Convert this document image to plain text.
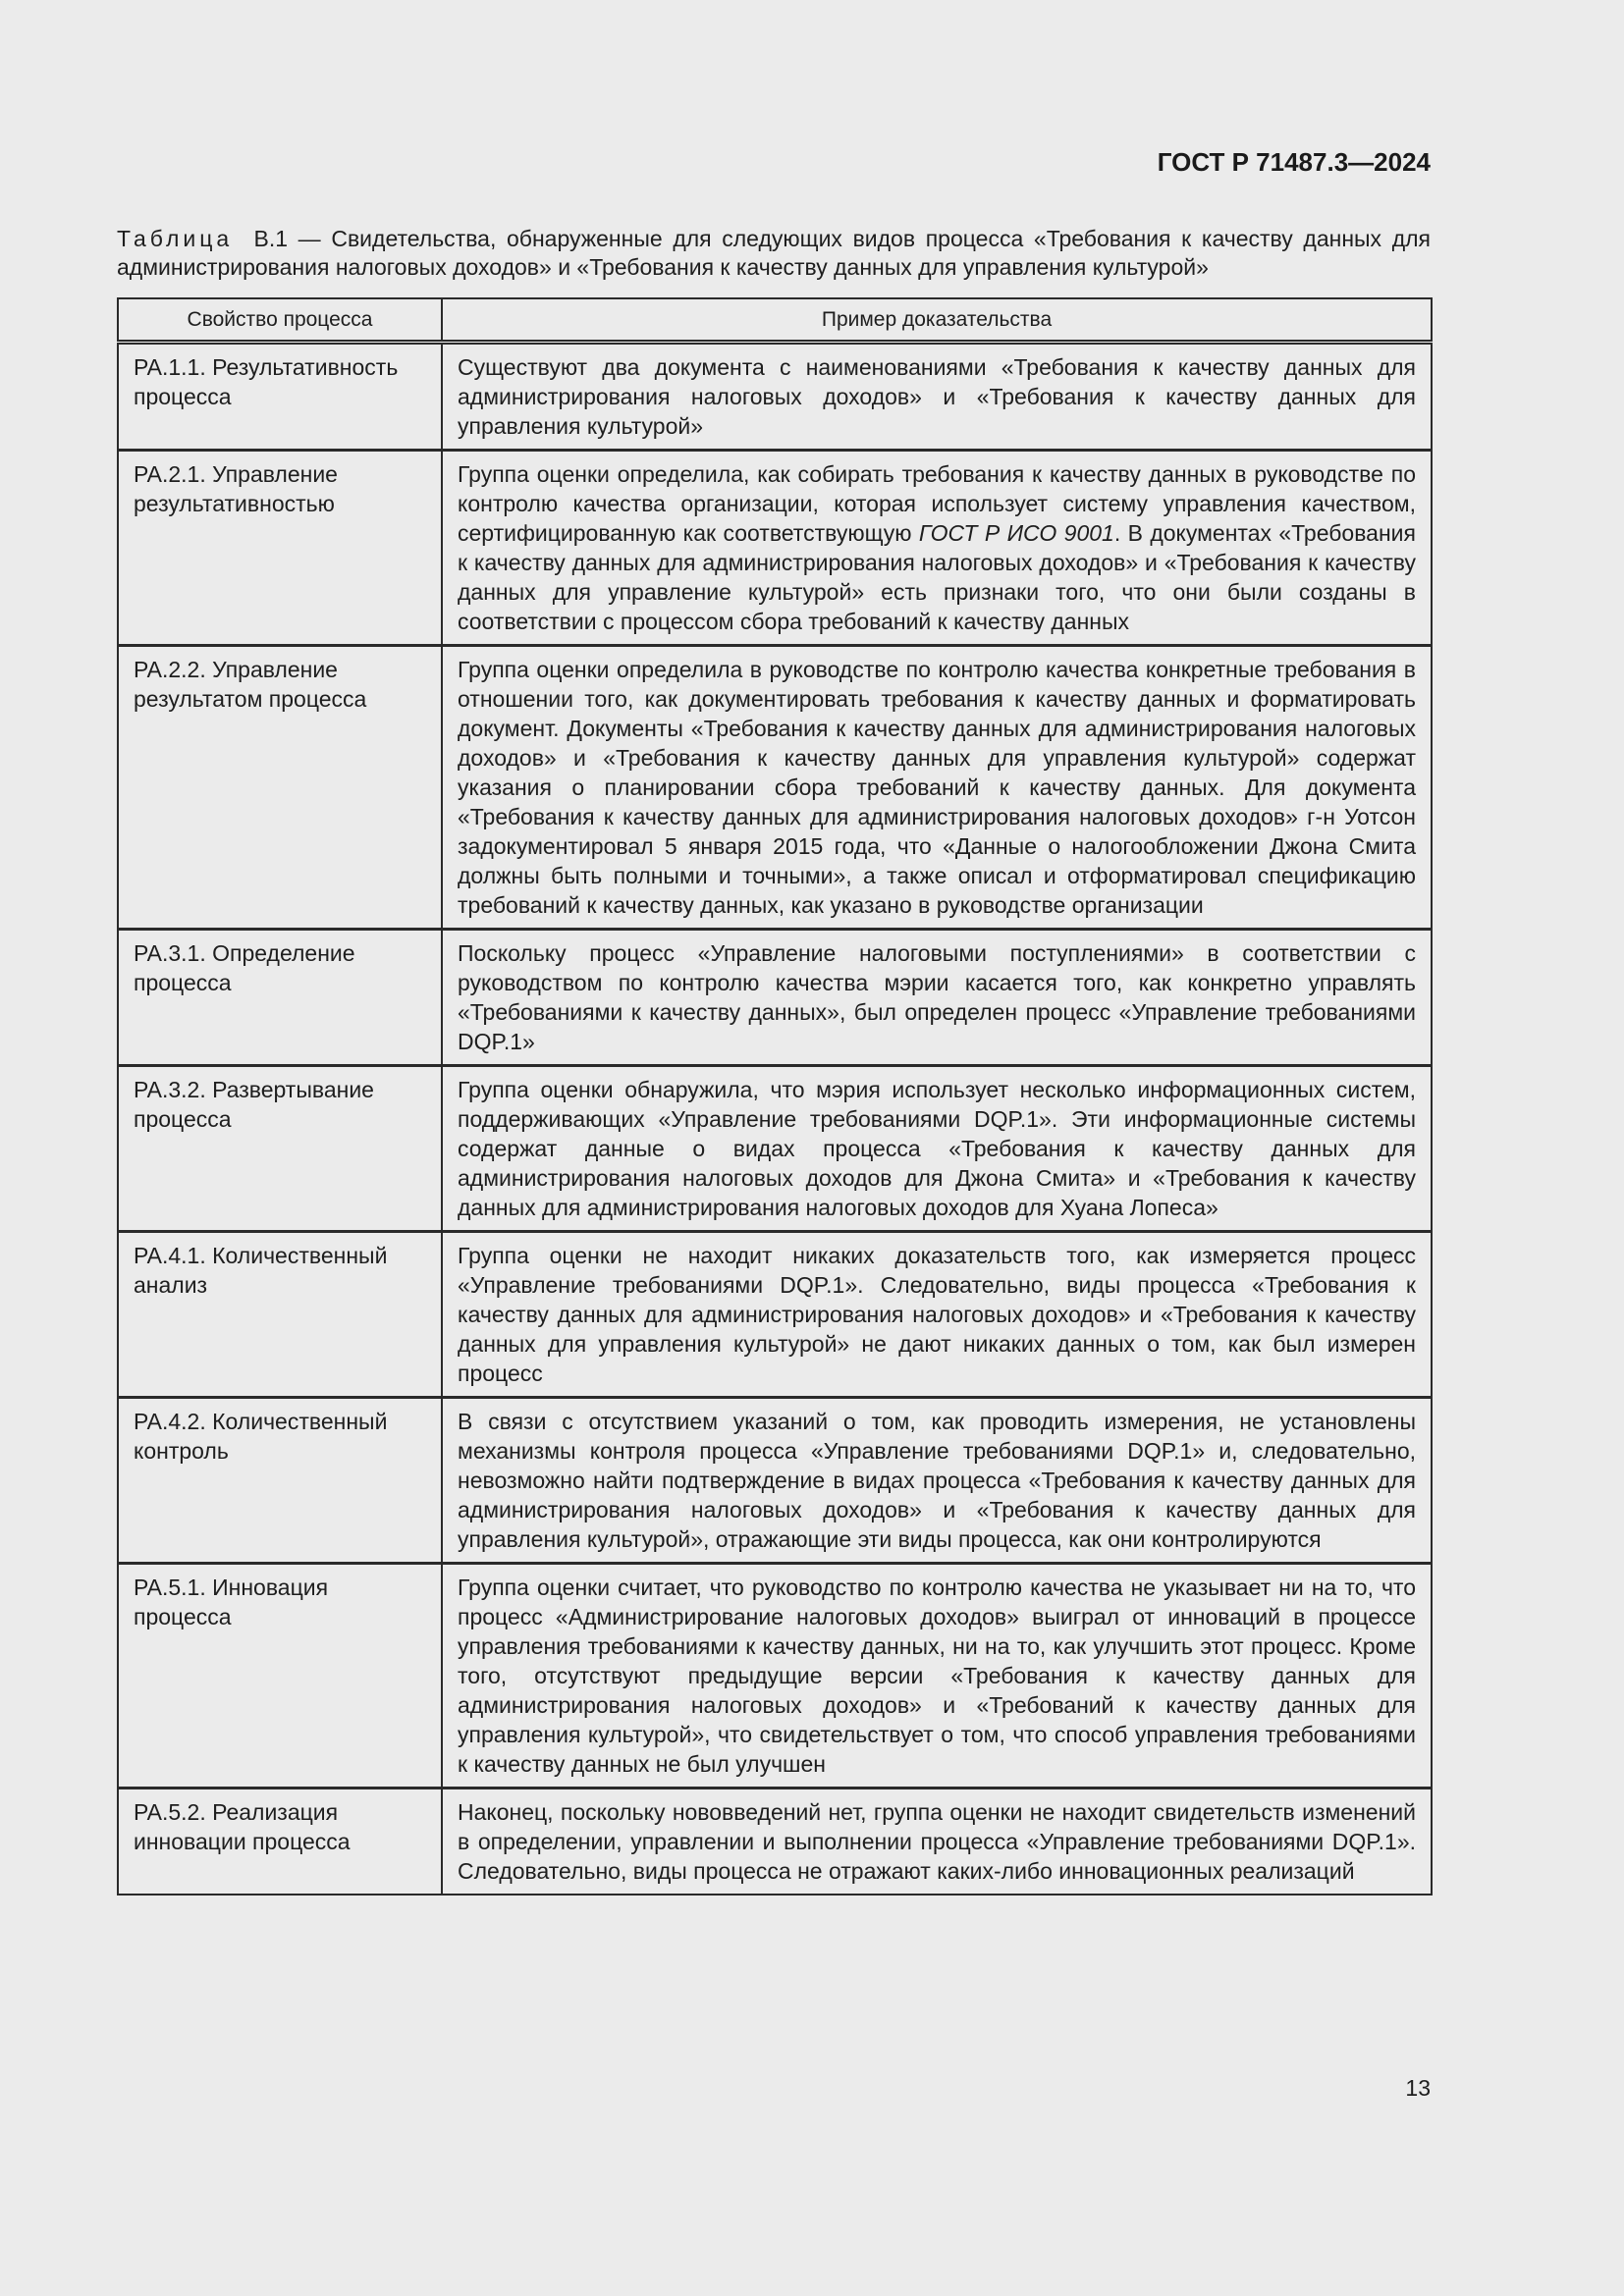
ГОСТ Р 71487.3—2024
Таблица В.1 — Свидетельства, обнаруженные для следующих видов процесса «Требования к качеству данных для администрирования налоговых доходов» и «Требования к качеству данных для управления культурой»
Свойство процесса	Пример доказательства
PA.1.1. Результативность процесса	Существуют два документа с наименованиями «Требования к качеству данных для администрирования налоговых доходов» и «Требования к качеству данных для управления культурой»
PA.2.1. Управление результативностью	Группа оценки определила, как собирать требования к качеству данных в руководстве по контролю качества организации, которая использует систему управления качеством, сертифицированную как соответствующую ГОСТ Р ИСО 9001. В документах «Требования к качеству данных для администрирования налоговых доходов» и «Требования к качеству данных для управление культурой» есть признаки того, что они были созданы в соответствии с процессом сбора требований к качеству данных
PA.2.2. Управление результатом процесса	Группа оценки определила в руководстве по контролю качества конкретные требования в отношении того, как документировать требования к качеству данных и форматировать документ. Документы «Требования к качеству данных для администрирования налоговых доходов» и «Требования к качеству данных для управления культурой» содержат указания о планировании сбора требований к качеству данных. Для документа «Требования к качеству данных для администрирования налоговых доходов» г-н Уотсон задокументировал 5 января 2015 года, что «Данные о налогообложении Джона Смита должны быть полными и точными», а также описал и отформатировал спецификацию требований к качеству данных, как указано в руководстве организации
PA.3.1. Определение процесса	Поскольку процесс «Управление налоговыми поступлениями» в соответствии с руководством по контролю качества мэрии касается того, как конкретно управлять «Требованиями к качеству данных», был определен процесс «Управление требованиями DQP.1»
PA.3.2. Развертывание процесса	Группа оценки обнаружила, что мэрия использует несколько информационных систем, поддерживающих «Управление требованиями DQP.1». Эти информационные системы содержат данные о видах процесса «Требования к качеству данных для администрирования налоговых доходов для Джона Смита» и «Требования к качеству данных для администрирования налоговых доходов для Хуана Лопеса»
PA.4.1. Количественный анализ	Группа оценки не находит никаких доказательств того, как измеряется процесс «Управление требованиями DQP.1». Следовательно, виды процесса «Требования к качеству данных для администрирования налоговых доходов» и «Требования к качеству данных для управления культурой» не дают никаких данных о том, как был измерен процесс
PA.4.2. Количественный контроль	В связи с отсутствием указаний о том, как проводить измерения, не установлены механизмы контроля процесса «Управление требованиями DQP.1» и, следовательно, невозможно найти подтверждение в видах процесса «Требования к качеству данных для администрирования налоговых доходов» и «Требования к качеству данных для управления культурой», отражающие эти виды процесса, как они контролируются
PA.5.1. Инновация процесса	Группа оценки считает, что руководство по контролю качества не указывает ни на то, что процесс «Администрирование налоговых доходов» выиграл от инноваций в процессе управления требованиями к качеству данных, ни на то, как улучшить этот процесс. Кроме того, отсутствуют предыдущие версии «Требования к качеству данных для администрирования налоговых доходов» и «Требований к качеству данных для управления культурой», что свидетельствует о том, что способ управления требованиями к качеству данных не был улучшен
PA.5.2. Реализация инновации процесса	Наконец, поскольку нововведений нет, группа оценки не находит свидетельств изменений в определении, управлении и выполнении процесса «Управление требованиями DQP.1». Следовательно, виды процесса не отражают каких-либо инновационных реализаций
13
